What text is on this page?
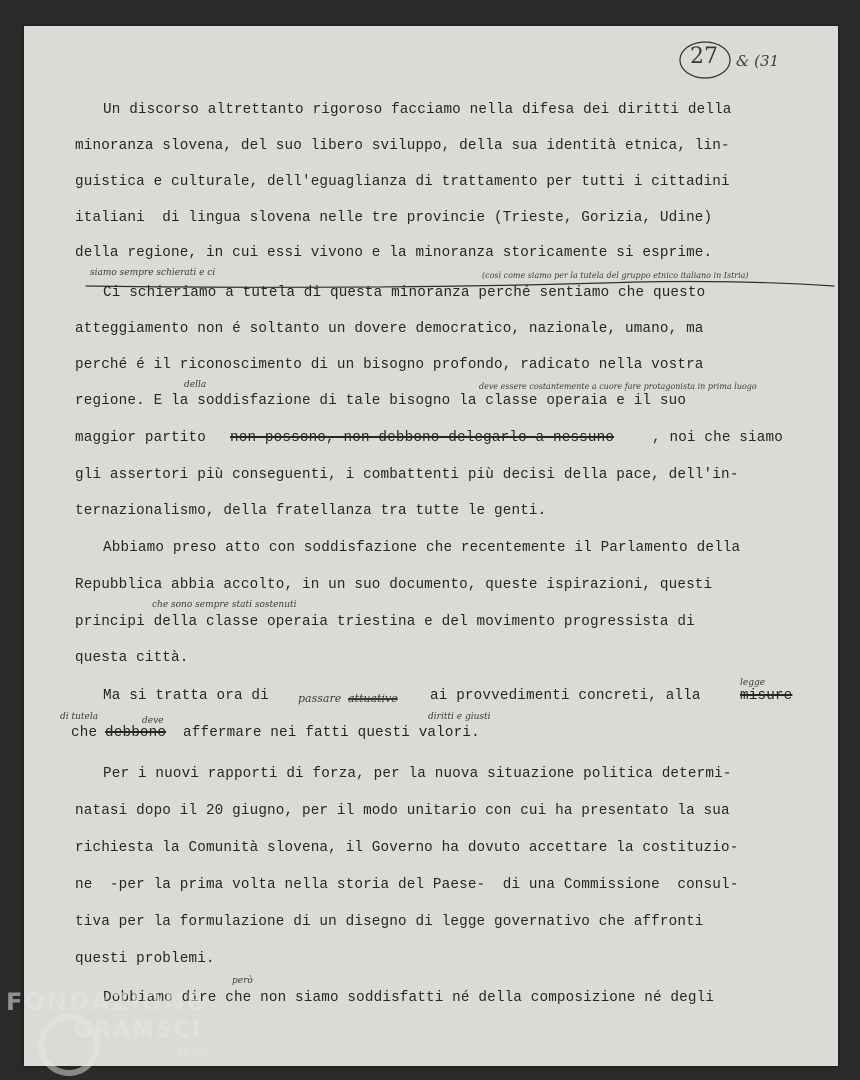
27 & (31
Un discorso altrettanto rigoroso facciamo nella difesa dei diritti della
minoranza slovena, del suo libero sviluppo, della sua identità etnica, lin-
guistica e culturale, dell'eguaglianza di trattamento per tutti i cittadini
italiani  di lingua slovena nelle tre provincie (Trieste, Gorizia, Udine)
della regione, in cui essi vivono e la minoranza storicamente si esprime.
siamo sempre schierati e ci	(così come siamo per la tutela del gruppo etnico italiano in Istria)
Ci schieriamo a tutela di questa minoranza perché sentiamo che questo
atteggiamento non é soltanto un dovere democratico, nazionale, umano, ma
perché é il riconoscimento di un bisogno profondo, radicato nella vostra
della	deve essere costantemente a cuore fare protagonista in prima luogo
regione. E la soddisfazione di tale bisogno la classe operaia e il suo
maggior partito non possono, non debbono delegarlo a nessuno	, noi che siamo
gli assertori più conseguenti, i combattenti più decisi della pace, dell'in-
ternazionalismo, della fratellanza tra tutte le genti.
Abbiamo preso atto con soddisfazione che recentemente il Parlamento della
Repubblica abbia accolto, in un suo documento, queste ispirazioni, questi
che sono sempre stati sostenuti
principi della classe operaia triestina e del movimento progressista di
questa città.
legge
Ma si tratta ora di	passare attuative ai provvedimenti concreti, alla	misure
di tutela	deve	diritti e giusti
che debbono affermare nei fatti questi valori.
Per i nuovi rapporti di forza, per la nuova situazione politica determi-
natasi dopo il 20 giugno, per il modo unitario con cui ha presentato la sua
richiesta la Comunità slovena, il Governo ha dovuto accettare la costituzio-
ne  -per la prima volta nella storia del Paese-  di una Commissione  consul-
tiva per la formulazione di un disegno di legge governativo che affronti
questi problemi.
però
Dobbiamo dire che non siamo soddisfatti né della composizione né degli
FONDAZIONE
GRAMSCI
onlus
